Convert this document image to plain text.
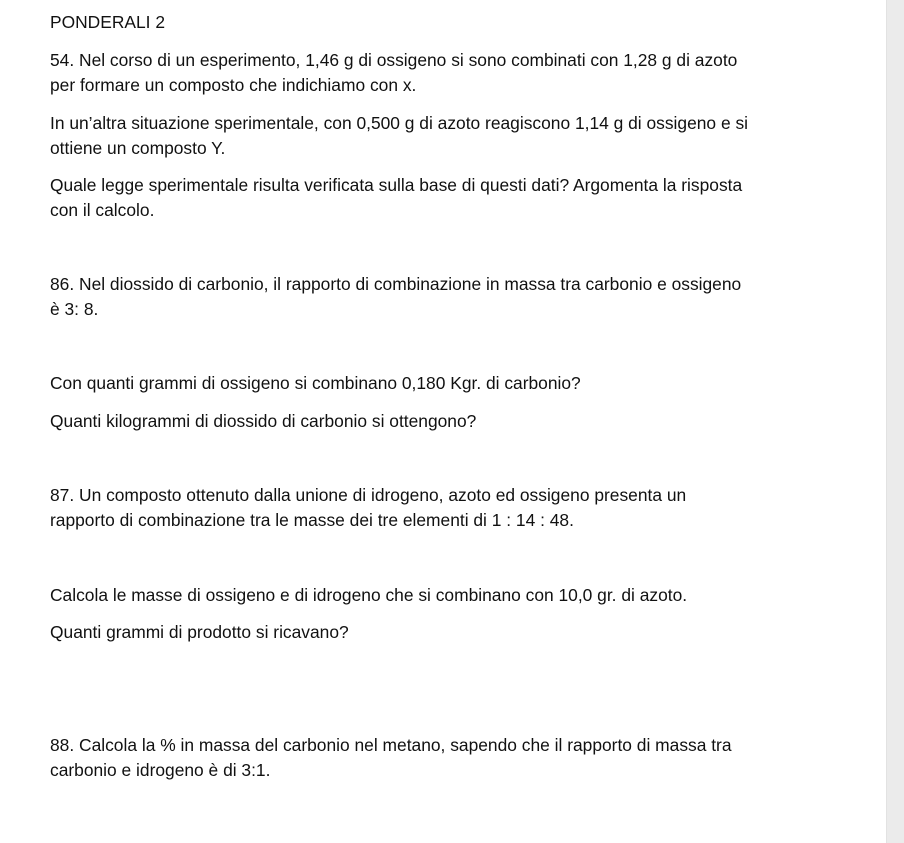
PONDERALI 2
54. Nel corso di un esperimento, 1,46 g di ossigeno si sono combinati con 1,28 g di azoto
per formare un composto che indichiamo con x.
In un’altra situazione sperimentale, con 0,500 g di azoto reagiscono 1,14 g di ossigeno e si
ottiene un composto Y.
Quale legge sperimentale risulta verificata sulla base di questi dati? Argomenta la risposta
con il calcolo.
86. Nel diossido di carbonio, il rapporto di combinazione in massa tra carbonio e ossigeno
è 3: 8.
Con quanti grammi di ossigeno si combinano 0,180 Kgr. di carbonio?
Quanti kilogrammi di diossido di carbonio si ottengono?
87. Un composto ottenuto dalla unione di idrogeno, azoto ed ossigeno presenta un
rapporto di combinazione tra le masse dei tre elementi di 1 : 14 : 48.
Calcola le masse di ossigeno e di idrogeno che si combinano con 10,0 gr. di azoto.
Quanti grammi di prodotto si ricavano?
88. Calcola la % in massa del carbonio nel metano, sapendo che il rapporto di massa tra
carbonio e idrogeno è di 3:1.
